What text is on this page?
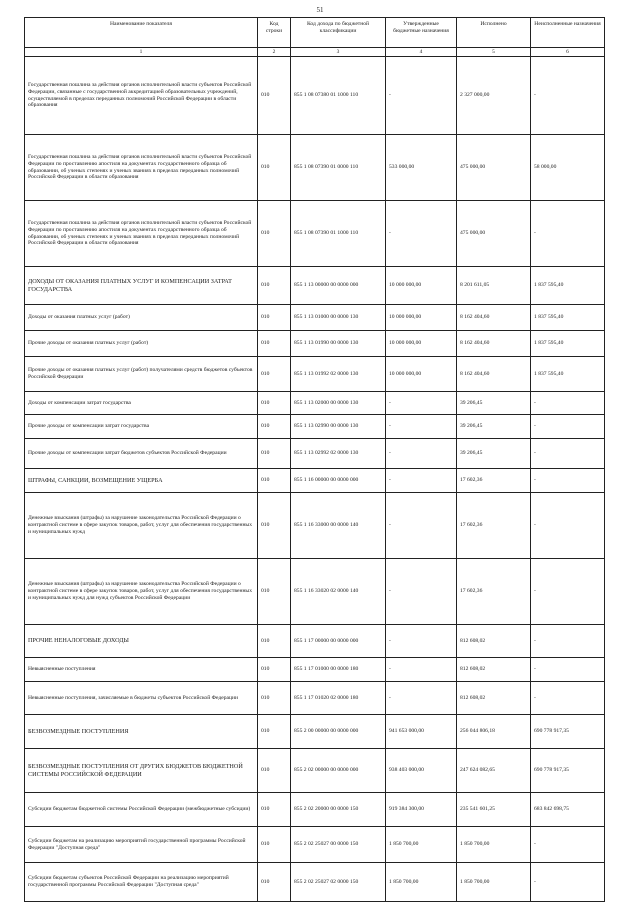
51
Наименование показателя	Код строки	Код дохода по бюджетной классификации	Утвержденные бюджетные назначения	Исполнено	Неисполненные назначения
1	2	3	4	5	6
Государственная пошлина за действия органов исполнительной власти субъектов Российской Федерации, связанные с государственной аккредитацией образовательных учреждений, осуществляемой в пределах переданных полномочий Российской Федерации в области образования	010	855 1 08 07380 01 1000 110	-	2 327 000,00	-
Государственная пошлина за действия органов исполнительной власти субъектов Российской Федерации по проставлению апостиля на документах государственного образца об образовании, об ученых степенях и ученых званиях в пределах переданных полномочий Российской Федерации в области образования	010	855 1 08 07390 01 0000 110	533 000,00	475 000,00	58 000,00
Государственная пошлина за действия органов исполнительной власти субъектов Российской Федерации по проставлению апостиля на документах государственного образца об образовании, об ученых степенях и ученых званиях в пределах переданных полномочий Российской Федерации в области образования	010	855 1 08 07390 01 1000 110	-	475 000,00	-
ДОХОДЫ ОТ ОКАЗАНИЯ ПЛАТНЫХ УСЛУГ И КОМПЕНСАЦИИ ЗАТРАТ ГОСУДАРСТВА	010	855 1 13 00000 00 0000 000	10 000 000,00	8 201 611,05	1 837 595,40
Доходы от оказания платных услуг (работ)	010	855 1 13 01000 00 0000 130	10 000 000,00	8 162 404,60	1 837 595,40
Прочие доходы от оказания платных услуг (работ)	010	855 1 13 01990 00 0000 130	10 000 000,00	8 162 404,60	1 837 595,40
Прочие доходы от оказания платных услуг (работ) получателями средств бюджетов субъектов Российской Федерации	010	855 1 13 01992 02 0000 130	10 000 000,00	8 162 404,60	1 837 595,40
Доходы от компенсации затрат государства	010	855 1 13 02000 00 0000 130	-	39 206,45	-
Прочие доходы от компенсации затрат государства	010	855 1 13 02990 00 0000 130	-	39 206,45	-
Прочие доходы от компенсации затрат бюджетов субъектов Российской Федерации	010	855 1 13 02992 02 0000 130	-	39 206,45	-
ШТРАФЫ, САНКЦИИ, ВОЗМЕЩЕНИЕ УЩЕРБА	010	855 1 16 00000 00 0000 000	-	17 602,36	-
Денежные взыскания (штрафы) за нарушение законодательства Российской Федерации о контрактной системе в сфере закупок товаров, работ, услуг для обеспечения государственных и муниципальных нужд	010	855 1 16 33000 00 0000 140	-	17 602,36	-
Денежные взыскания (штрафы) за нарушение законодательства Российской Федерации о контрактной системе в сфере закупок товаров, работ, услуг для обеспечения государственных и муниципальных нужд для нужд субъектов Российской Федерации	010	855 1 16 33020 02 0000 140	-	17 602,36	-
ПРОЧИЕ НЕНАЛОГОВЫЕ ДОХОДЫ	010	855 1 17 00000 00 0000 000	-	812 608,02	-
Невыясненные поступления	010	855 1 17 01000 00 0000 180	-	812 608,02	-
Невыясненные поступления, зачисляемые в бюджеты субъектов Российской Федерации	010	855 1 17 01020 02 0000 180	-	812 608,02	-
БЕЗВОЗМЕЗДНЫЕ ПОСТУПЛЕНИЯ	010	855 2 00 00000 00 0000 000	941 653 000,00	256 044 806,18	690 778 917,35
БЕЗВОЗМЕЗДНЫЕ ПОСТУПЛЕНИЯ ОТ ДРУГИХ БЮДЖЕТОВ БЮДЖЕТНОЙ СИСТЕМЫ РОССИЙСКОЙ ФЕДЕРАЦИИ	010	855 2 02 00000 00 0000 000	938 403 000,00	247 624 082,65	690 778 917,35
Субсидии бюджетам бюджетной системы Российской Федерации (межбюджетные субсидии)	010	855 2 02 20000 00 0000 150	919 384 300,00	235 541 601,25	683 842 698,75
Субсидии бюджетам на реализацию мероприятий государственной программы Российской Федерации "Доступная среда"	010	855 2 02 25027 00 0000 150	1 850 700,00	1 850 700,00	-
Субсидии бюджетам субъектов Российской Федерации на реализацию мероприятий государственной программы Российской Федерации "Доступная среда"	010	855 2 02 25027 02 0000 150	1 850 700,00	1 850 700,00	-
